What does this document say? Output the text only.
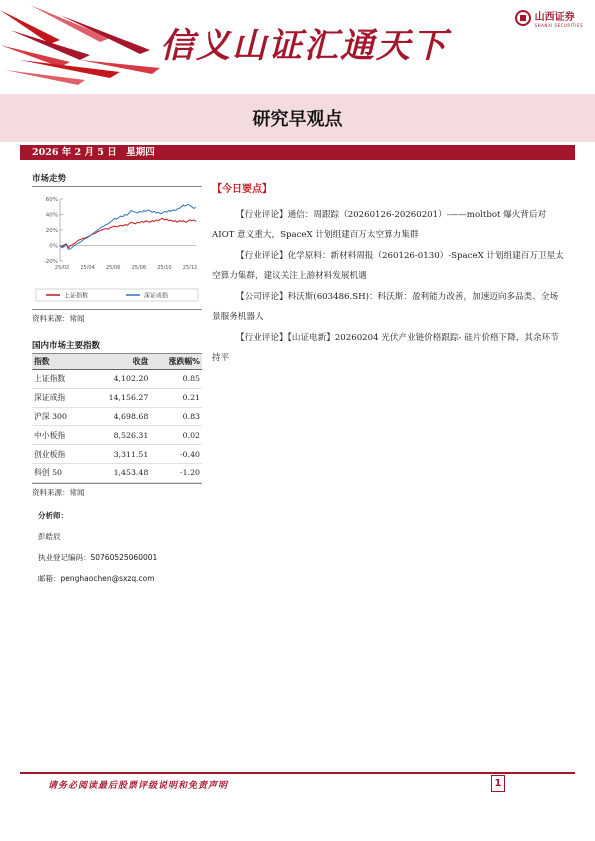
信义山证汇通天下
山西证券
SHANXI SECURITIES
研究早观点
2026 年 2 月 5 日　星期四
市场走势
60%
40%
20%
0%
-20%
25/02 25/04 25/06 25/08 25/10 25/12
上证指数	深证成指
资料来源：常闻
国内市场主要指数
指数	收盘	涨跌幅%
上证指数	4,102.20	0.85
深证成指	14,156.27	0.21
沪深 300	4,698.68	0.83
中小板指	8,526.31	0.02
创业板指	3,311.51	-0.40
科创 50	1,453.48	-1.20
资料来源：常闻
分析师：
彭皓辰
执业登记编码：S0760525060001
邮箱：penghaochen@sxzq.com
【今日要点】
【行业评论】通信：周跟踪（20260126-20260201）-——moltbot 爆火背后对 AIOT 意义重大，SpaceX 计划组建百万太空算力集群
【行业评论】化学原料：新材料周报（260126-0130）-SpaceX 计划组建百万卫星太空算力集群，建议关注上游材料发展机遇
【公司评论】科沃斯(603486.SH)：科沃斯：盈利能力改善，加速迈向多品类、全场景服务机器人
【行业评论】【山证电新】20260204 光伏产业链价格跟踪- 硅片价格下降，其余环节持平
请务必阅读最后股票评级说明和免责声明	1
